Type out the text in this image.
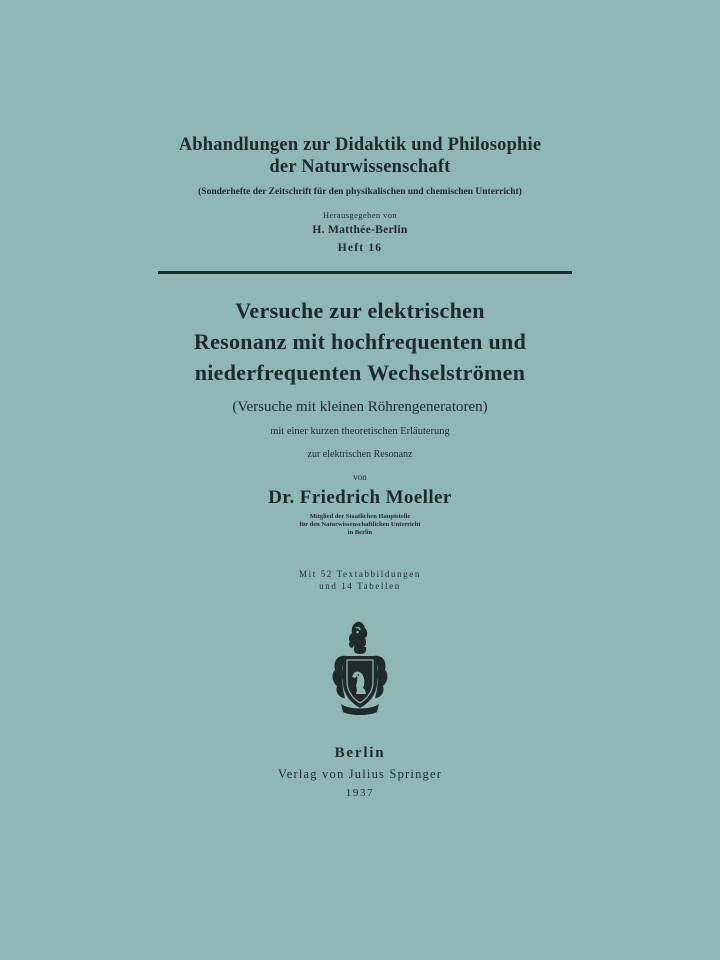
Abhandlungen zur Didaktik und Philosophie
der Naturwissenschaft
(Sonderhefte der Zeitschrift für den physikalischen und chemischen Unterricht)
Herausgegeben von
H. Matthée-Berlin
Heft 16
Versuche zur elektrischen
Resonanz mit hochfrequenten und
niederfrequenten Wechselströmen
(Versuche mit kleinen Röhrengeneratoren)
mit einer kurzen theoretischen Erläuterung
zur elektrischen Resonanz
von
Dr. Friedrich Moeller
Mitglied der Staatlichen Hauptstelle
für den Naturwissenschaftlichen Unterricht
in Berlin
Mit 52 Textabbildungen
und 14 Tabellen
Berlin
Verlag von Julius Springer
1937
